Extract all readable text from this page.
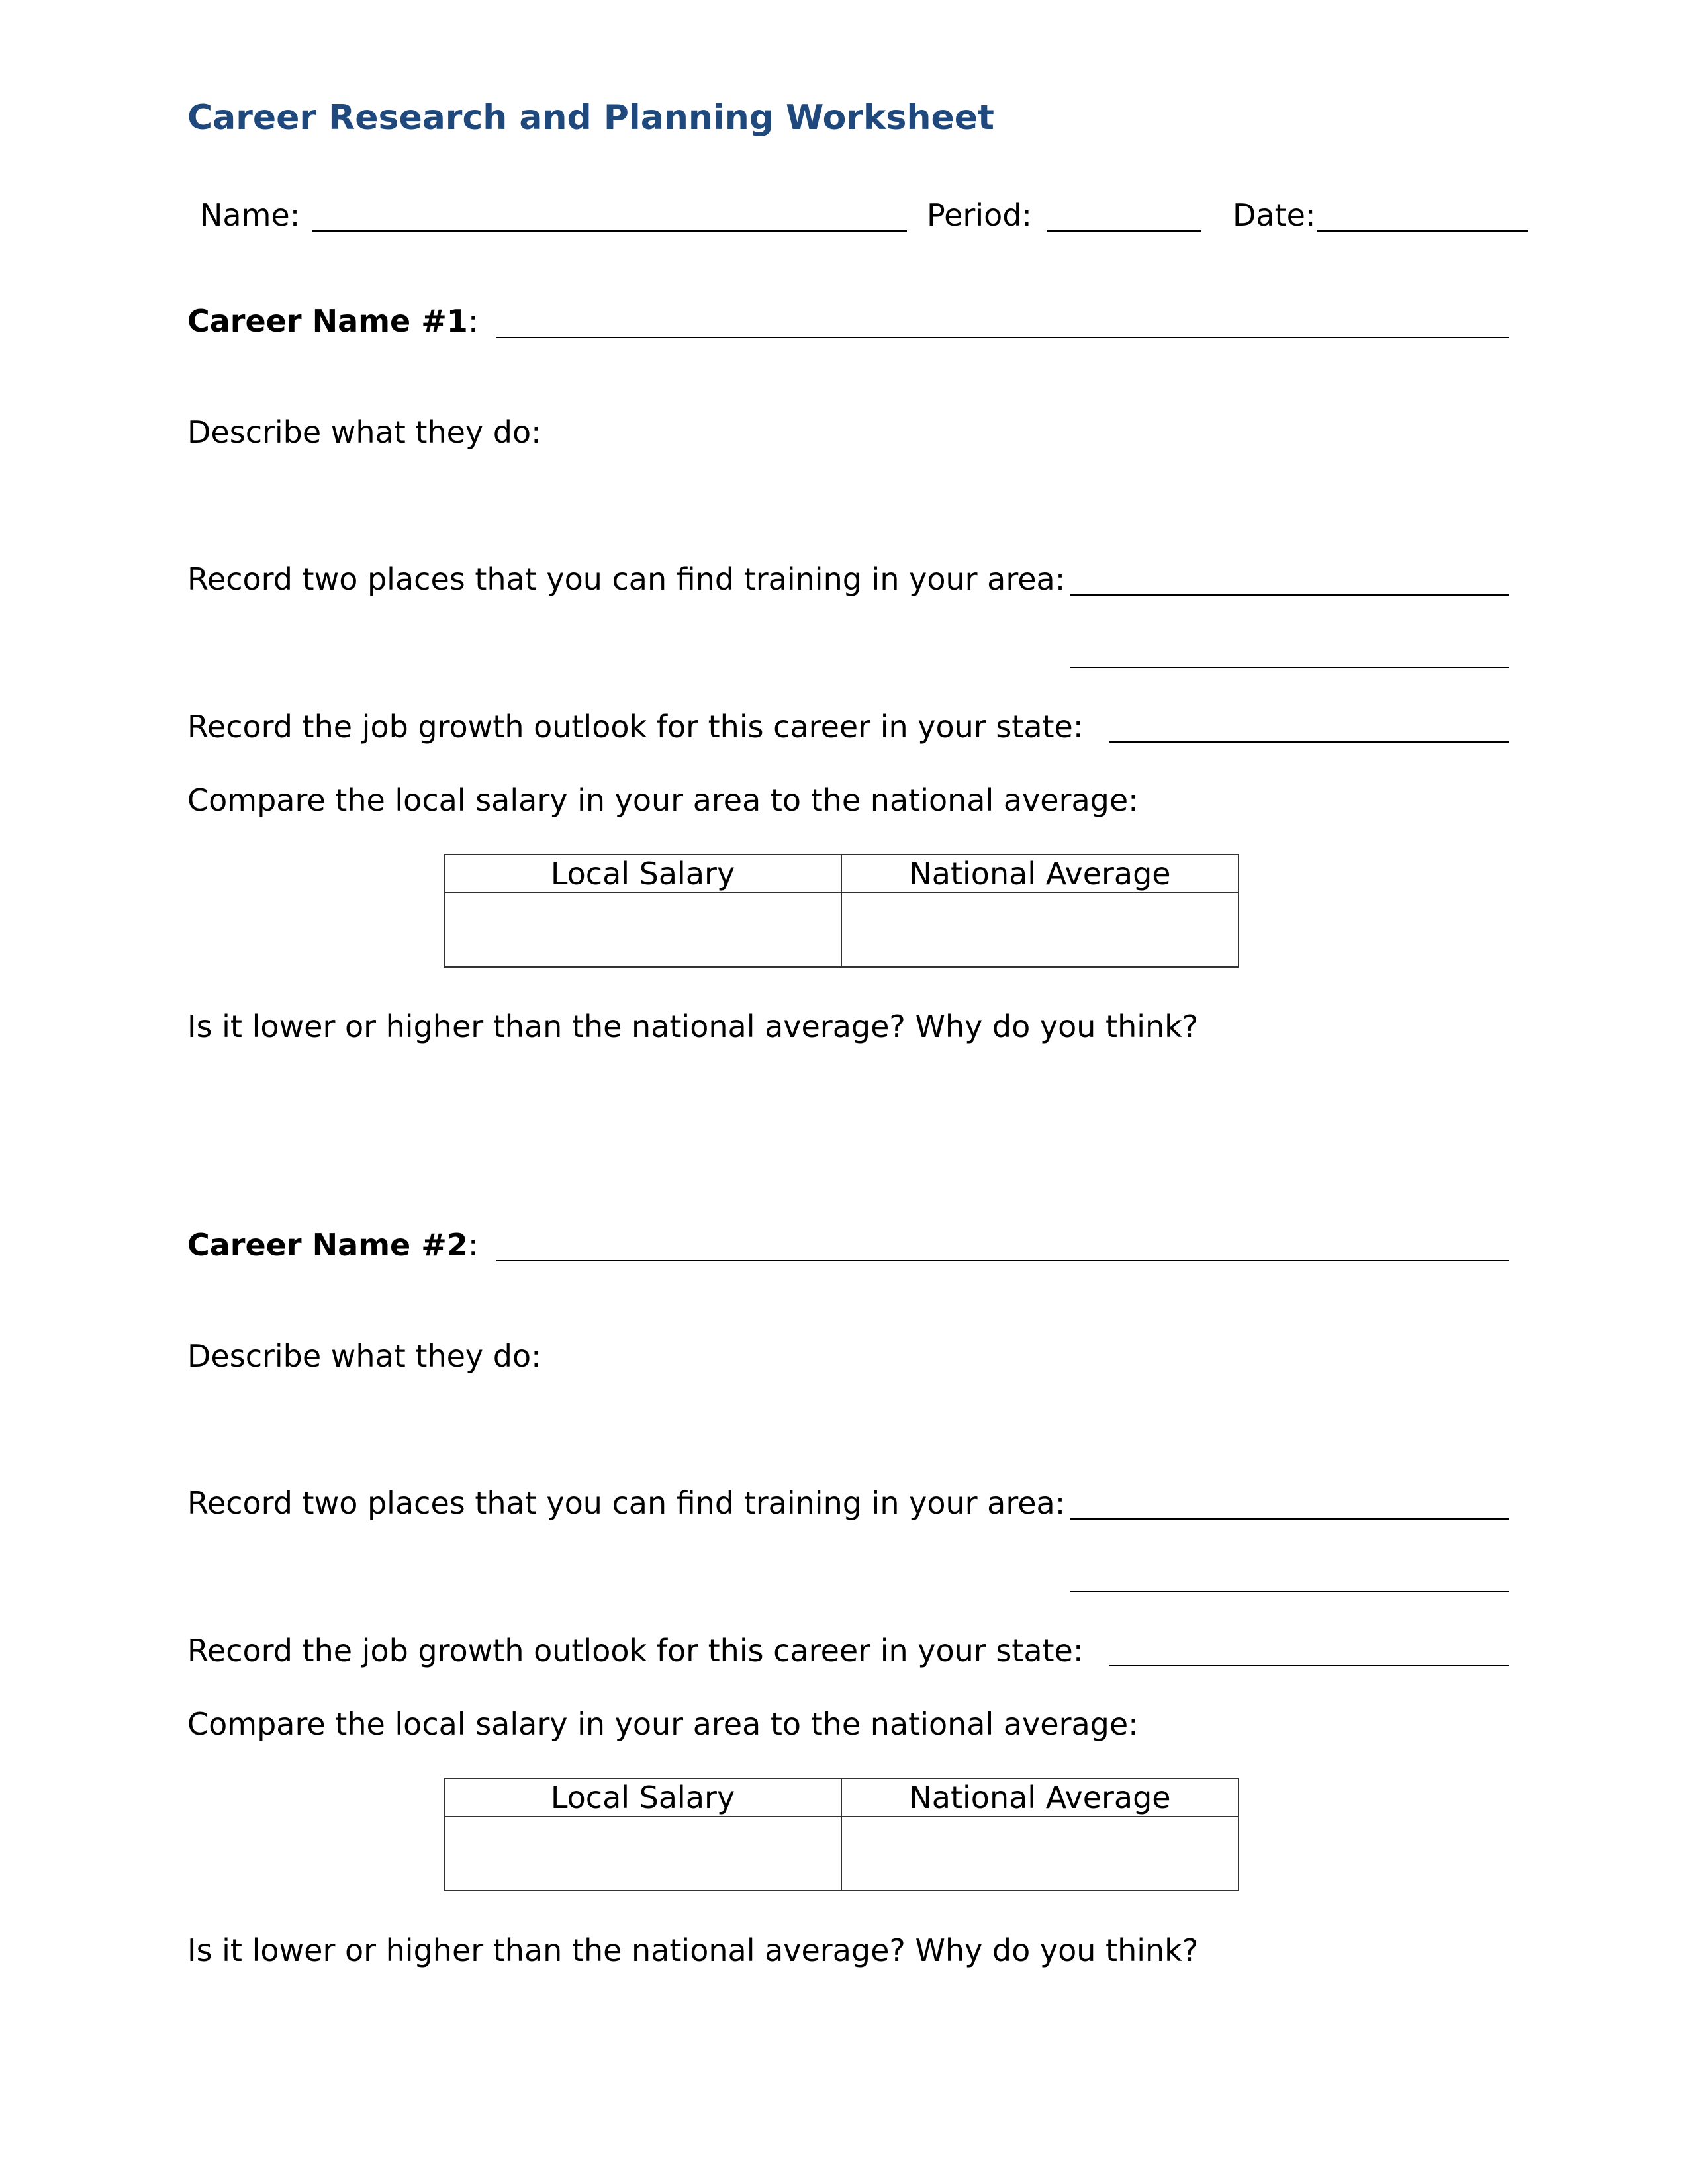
Career Research and Planning Worksheet
Name:	Period:	Date:
Career Name #1:
Describe what they do:
Record two places that you can find training in your area:
Record the job growth outlook for this career in your state:
Compare the local salary in your area to the national average:
Local Salary	National Average

Is it lower or higher than the national average? Why do you think?
Career Name #2:
Describe what they do:
Record two places that you can find training in your area:
Record the job growth outlook for this career in your state:
Compare the local salary in your area to the national average:
Local Salary	National Average

Is it lower or higher than the national average? Why do you think?
